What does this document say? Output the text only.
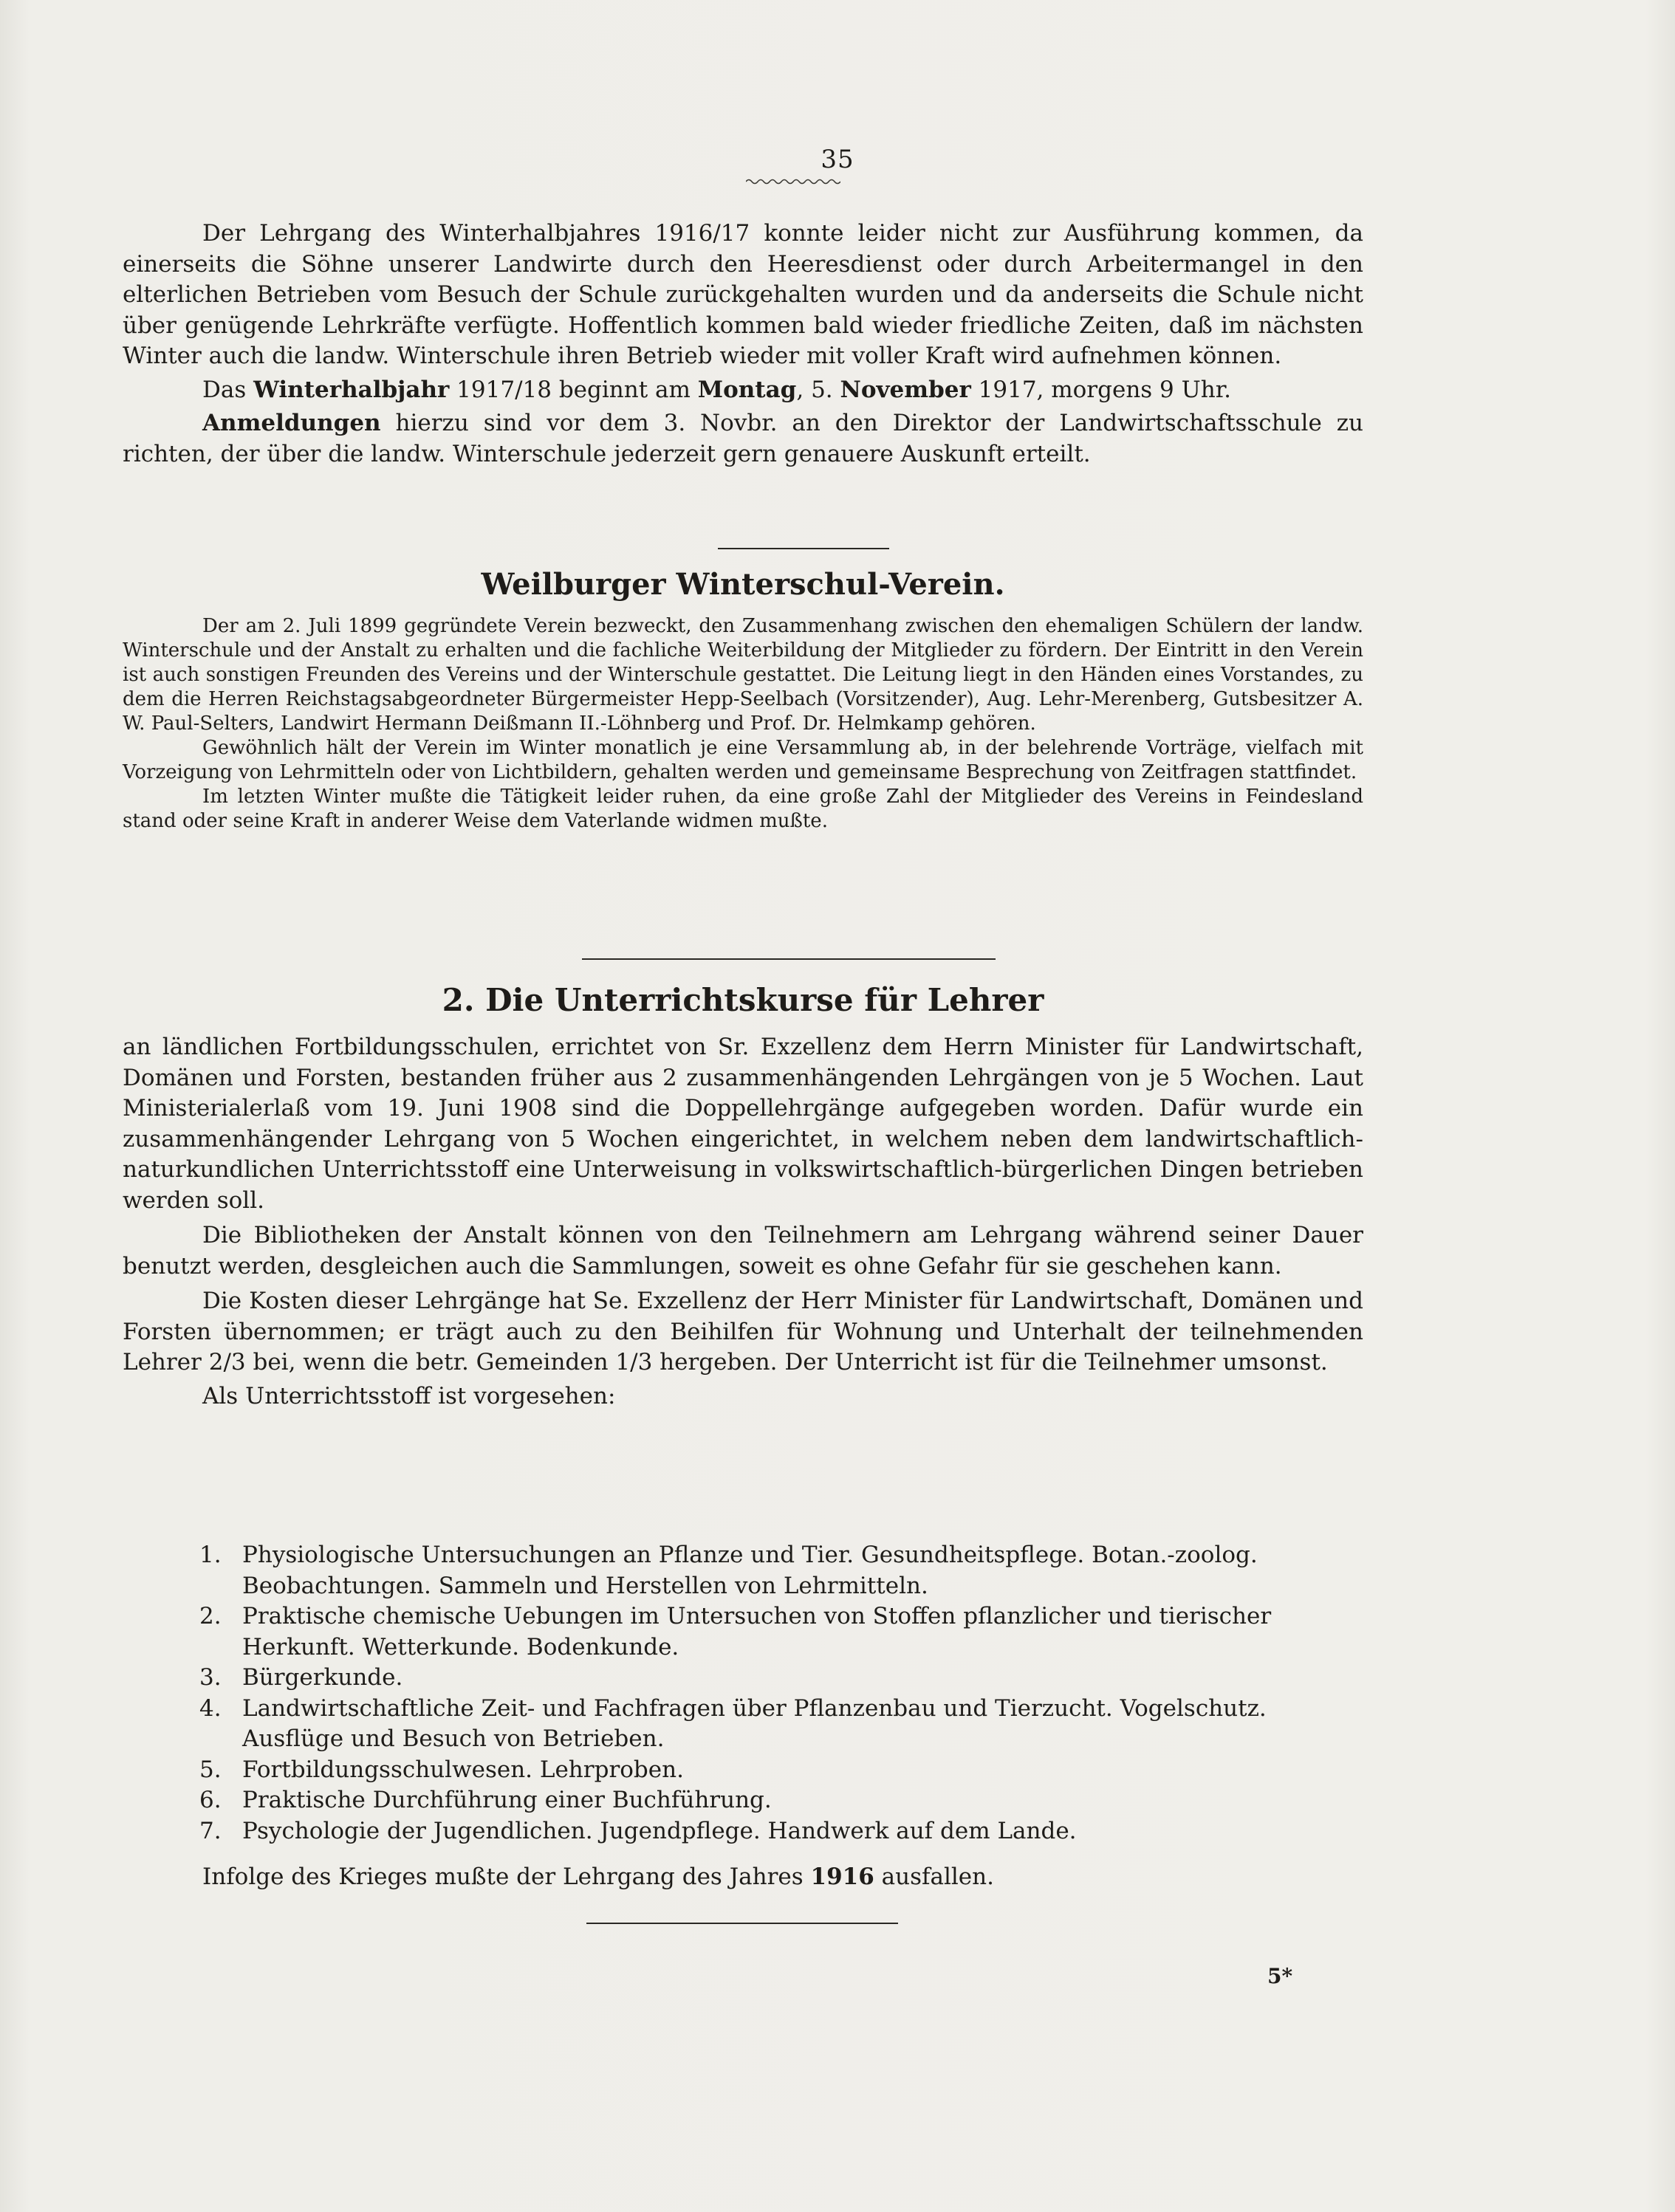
35

Der Lehrgang des Winterhalbjahres 1916/17 konnte leider nicht zur Ausführung kommen, da einerseits die Söhne unserer Landwirte durch den Heeresdienst oder durch Arbeitermangel in den elterlichen Betrieben vom Besuch der Schule zurückgehalten wurden und da anderseits die Schule nicht über genügende Lehrkräfte verfügte. Hoffentlich kommen bald wieder friedliche Zeiten, daß im nächsten Winter auch die landw. Winterschule ihren Betrieb wieder mit voller Kraft wird aufnehmen können.

Das Winterhalbjahr 1917/18 beginnt am Montag, 5. November 1917, morgens 9 Uhr.

Anmeldungen hierzu sind vor dem 3. Novbr. an den Direktor der Landwirtschaftsschule zu richten, der über die landw. Winterschule jederzeit gern genauere Auskunft erteilt.

Weilburger Winterschul-Verein.

Der am 2. Juli 1899 gegründete Verein bezweckt, den Zusammenhang zwischen den ehemaligen Schülern der landw. Winterschule und der Anstalt zu erhalten und die fachliche Weiterbildung der Mitglieder zu fördern. Der Eintritt in den Verein ist auch sonstigen Freunden des Vereins und der Winterschule gestattet. Die Leitung liegt in den Händen eines Vorstandes, zu dem die Herren Reichstagsabgeordneter Bürgermeister Hepp-Seelbach (Vorsitzender), Aug. Lehr-Merenberg, Gutsbesitzer A. W. Paul-Selters, Landwirt Hermann Deißmann II.-Löhnberg und Prof. Dr. Helmkamp gehören.

Gewöhnlich hält der Verein im Winter monatlich je eine Versammlung ab, in der belehrende Vorträge, vielfach mit Vorzeigung von Lehrmitteln oder von Lichtbildern, gehalten werden und gemeinsame Besprechung von Zeitfragen stattfindet.

Im letzten Winter mußte die Tätigkeit leider ruhen, da eine große Zahl der Mitglieder des Vereins in Feindesland stand oder seine Kraft in anderer Weise dem Vaterlande widmen mußte.

2. Die Unterrichtskurse für Lehrer

an ländlichen Fortbildungsschulen, errichtet von Sr. Exzellenz dem Herrn Minister für Landwirtschaft, Domänen und Forsten, bestanden früher aus 2 zusammenhängenden Lehrgängen von je 5 Wochen. Laut Ministerialerlaß vom 19. Juni 1908 sind die Doppellehrgänge aufgegeben worden. Dafür wurde ein zusammenhängender Lehrgang von 5 Wochen eingerichtet, in welchem neben dem landwirtschaftlich-naturkundlichen Unterrichtsstoff eine Unterweisung in volkswirtschaftlich-bürgerlichen Dingen betrieben werden soll.

Die Bibliotheken der Anstalt können von den Teilnehmern am Lehrgang während seiner Dauer benutzt werden, desgleichen auch die Sammlungen, soweit es ohne Gefahr für sie geschehen kann.

Die Kosten dieser Lehrgänge hat Se. Exzellenz der Herr Minister für Landwirtschaft, Domänen und Forsten übernommen; er trägt auch zu den Beihilfen für Wohnung und Unterhalt der teilnehmenden Lehrer 2/3 bei, wenn die betr. Gemeinden 1/3 hergeben. Der Unterricht ist für die Teilnehmer umsonst.

Als Unterrichtsstoff ist vorgesehen:

1. Physiologische Untersuchungen an Pflanze und Tier. Gesundheitspflege. Botan.-zoolog.
Beobachtungen. Sammeln und Herstellen von Lehrmitteln.
2. Praktische chemische Uebungen im Untersuchen von Stoffen pflanzlicher und tierischer
Herkunft. Wetterkunde. Bodenkunde.
3. Bürgerkunde.
4. Landwirtschaftliche Zeit- und Fachfragen über Pflanzenbau und Tierzucht. Vogelschutz.
Ausflüge und Besuch von Betrieben.
5. Fortbildungsschulwesen. Lehrproben.
6. Praktische Durchführung einer Buchführung.
7. Psychologie der Jugendlichen. Jugendpflege. Handwerk auf dem Lande.

Infolge des Krieges mußte der Lehrgang des Jahres 1916 ausfallen.

5*
